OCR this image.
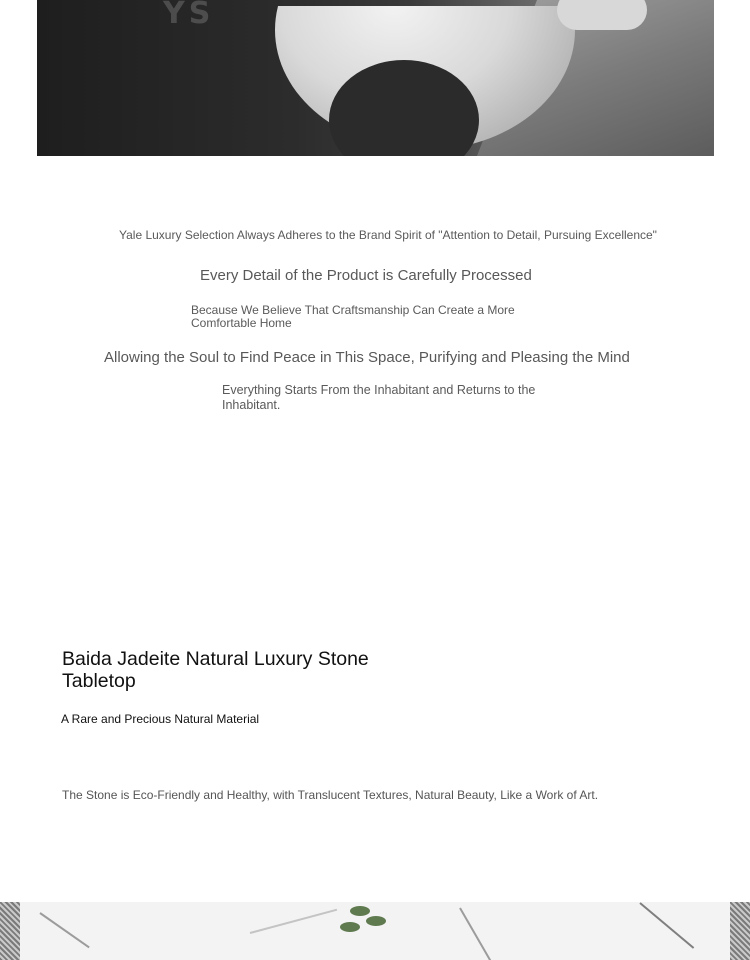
YS

Yale Luxury Selection Always Adheres to the Brand Spirit of "Attention to Detail, Pursuing Excellence"

Every Detail of the Product is Carefully Processed

Because We Believe That Craftsmanship Can Create a More Comfortable Home

Allowing the Soul to Find Peace in This Space, Purifying and Pleasing the Mind

Everything Starts From the Inhabitant and Returns to the Inhabitant.

Baida Jadeite Natural Luxury Stone Tabletop

A Rare and Precious Natural Material

The Stone is Eco-Friendly and Healthy, with Translucent Textures, Natural Beauty, Like a Work of Art.
